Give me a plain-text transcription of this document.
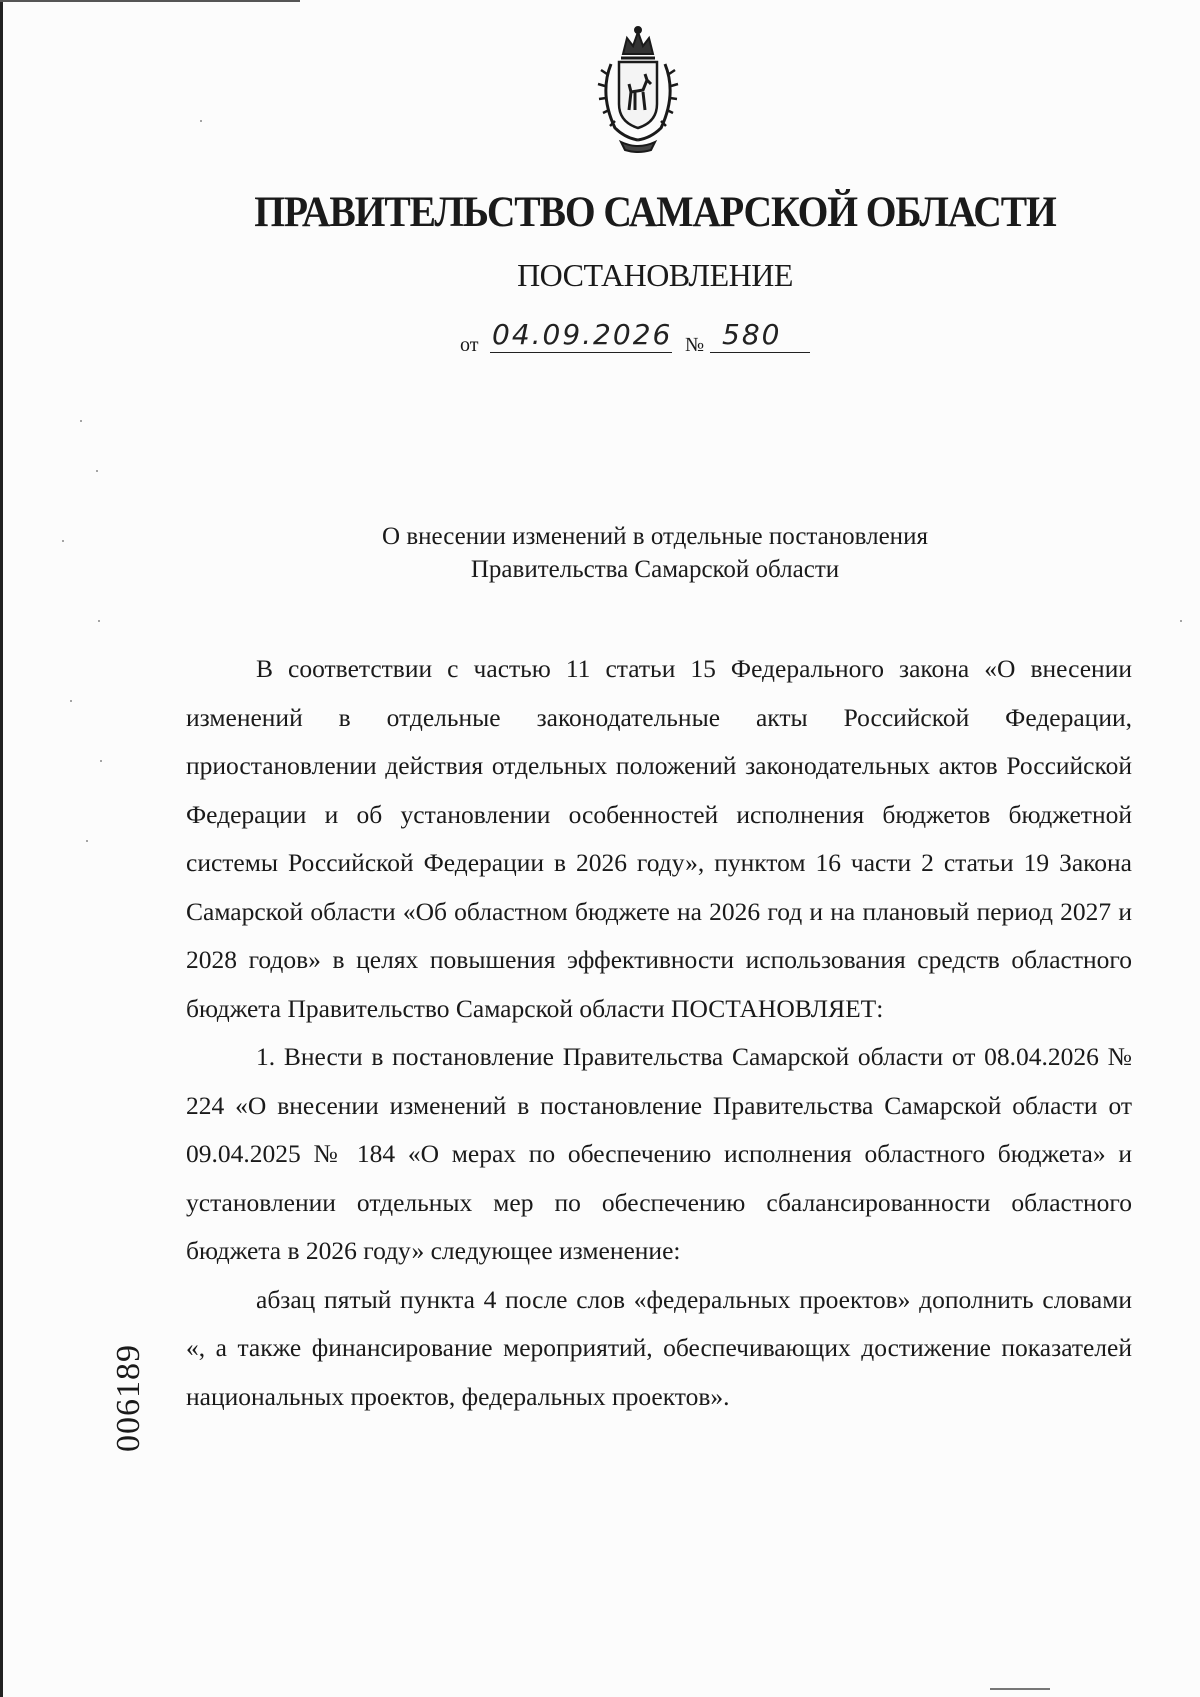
ПРАВИТЕЛЬСТВО САМАРСКОЙ ОБЛАСТИ
ПОСТАНОВЛЕНИЕ
от 04.09.2026 № 580
О внесении изменений в отдельные постановления
Правительства Самарской области

В соответствии с частью 11 статьи 15 Федерального закона «О внесении изменений в отдельные законодательные акты Российской Федерации, приостановлении действия отдельных положений законодательных актов Российской Федерации и об установлении особенностей исполнения бюджетов бюджетной системы Российской Федерации в 2026 году», пунктом 16 части 2 статьи 19 Закона Самарской области «Об областном бюджете на 2026 год и на плановый период 2027 и 2028 годов» в целях повышения эффективности использования средств областного бюджета Правительство Самарской области ПОСТАНОВЛЯЕТ:

1. Внести в постановление Правительства Самарской области от 08.04.2026 № 224 «О внесении изменений в постановление Правительства Самарской области от 09.04.2025 № 184 «О мерах по обеспечению исполнения областного бюджета» и установлении отдельных мер по обеспечению сбалансированности областного бюджета в 2026 году» следующее изменение:

абзац пятый пункта 4 после слов «федеральных проектов» дополнить словами «, а также финансирование мероприятий, обеспечивающих достижение показателей национальных проектов, федеральных проектов».

006189
